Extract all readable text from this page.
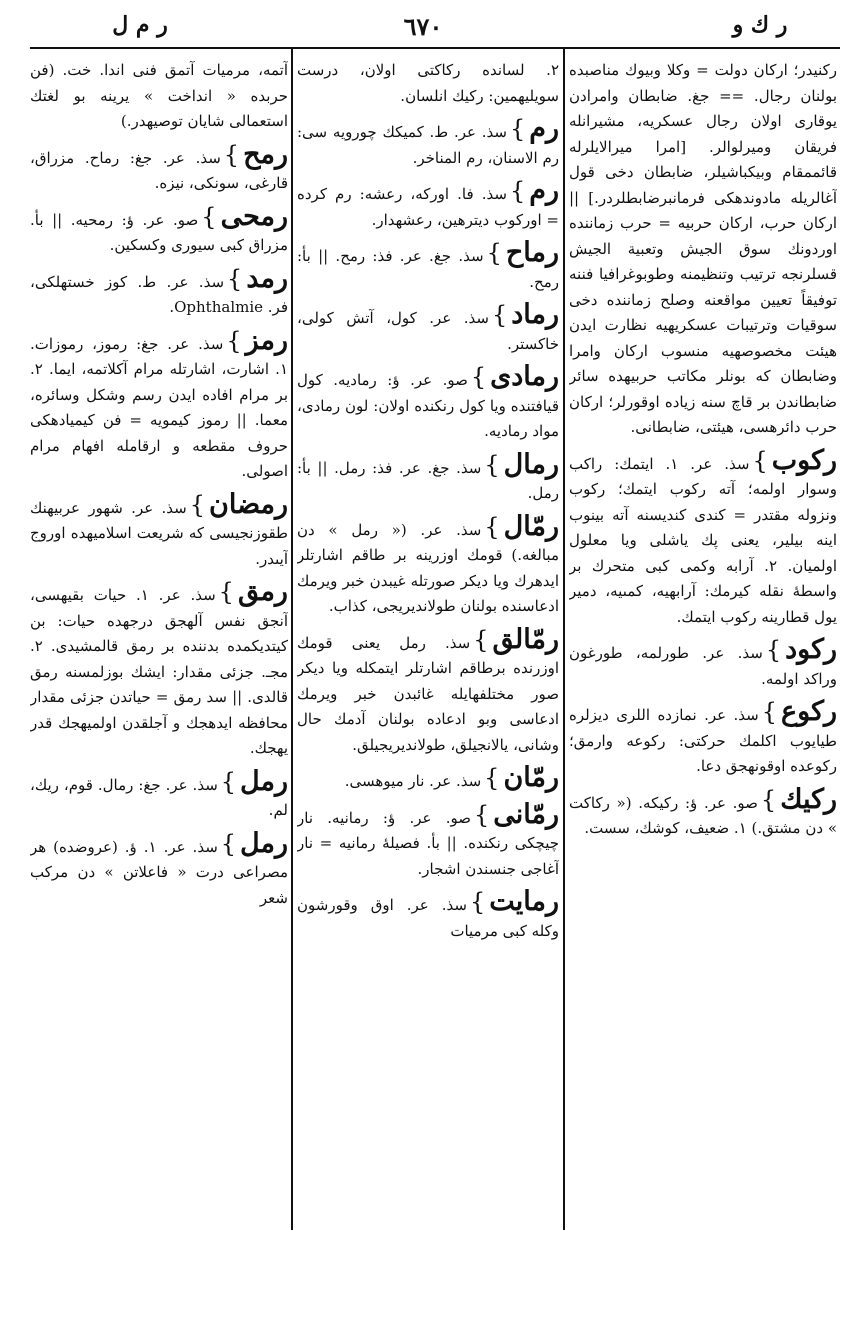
ر ك و
٦٧٠
ر م ل

ركنيدر؛ اركان دولت = وكلا وبيوك مناصبده بولنان رجال. == جغ. ضابطان وامرادن يوقارى اولان رجال عسكريه، مشيرانله فريقان وميرلوالر. [امرا ميرالايلرله قائممقام وبيكباشيلر، ضابطان دخى قول آغالريله مادوندهكى فرمانبرضابطلردر.] || اركان حرب، اركان حربيه = حرب زماننده اوردونك سوق الجيش وتعبية الجيش قسلرنجه ترتيب وتنظيمنه وطوبوغرافيا فننه توفيقاً تعيين مواقعنه وصلح زماننده دخى سوقيات وترتيبات عسكريهيه نظارت ايدن هيئت مخصوصهيه منسوب اركان وامرا وضابطان كه بونلر مكاتب حربيهده سائر ضابطاندن بر قاچ سنه زياده اوقورلر؛ اركان حرب دائرهسى، هيئتى، ضابطانى.

ركوب}سذ. عر. ١. ايتمك: راكب وسوار اولمه؛ آته ركوب ايتمك؛ ركوب ونزوله مقتدر = كندى كنديسنه آته بينوب اينه بيلير، يعنى پك ياشلى ويا معلول اولميان. ٢. آرابه وكمى كبى متحرك بر واسطهٔ نقله كيرمك: آرابهيه، كمىيه، دمير يول قطارينه ركوب ايتمك.

ركود}سذ. عر. طورلمه، طورغون وراكد اولمه.

ركوع}سذ. عر. نمازده اللرى ديزلره طيايوب اكلمك حركتى: ركوعه وارمق؛ ركوعده اوقونهجق دعا.

ركيك}صو. عر. ؤ: ركيكه. (« ركاكت » دن مشتق.) ١. ضعيف، كوشك، سست.

٢. لسانده ركاكتى اولان، درست سويليهمين: ركيك انلسان.

رم}سذ. عر. ط. كميكك چورويه سى: رم الاسنان، رم المناخر.

رم}سذ. فا. اوركه، رعشه: رم كرده = اوركوب ديترهين، رعشهدار.

رماح}سذ. جغ. عر. فذ: رمح. || بأ: رمح.

رماد}سذ. عر. كول، آتش كولى، خاكستر.

رمادى}صو. عر. ؤ: رماديه. كول قيافتنده ويا كول رنكنده اولان: لون رمادى، مواد رماديه.

رمال}سذ. جغ. عر. فذ: رمل. || بأ: رمل.

رمّال}سذ. عر. (« رمل » دن مبالغه.) قومك اوزرينه بر طاقم اشارتلر ايدهرك ويا ديكر صورتله غيبدن خبر ويرمك ادعاسنده بولنان طولانديريجى، كذاب.

رمّالق}سذ. رمل يعنى قومك اوزرنده برطاقم اشارتلر ايتمكله ويا ديكر صور مختلفهايله غائبدن خبر ويرمك ادعاسى وبو ادعاده بولنان آدمك حال وشانى، يالانجيلق، طولانديريجيلق.

رمّان}سذ. عر. نار ميوهسى.

رمّانى}صو. عر. ؤ: رمانيه. نار چيچكى رنكنده. || بأ. فصيلهٔ رمانيه = نار آغاجى جنسندن اشجار.

رمايت}سذ. عر. اوق وقورشون وكله كبى مرميات

آتمه، مرميات آتمق فنى اندا. خت. (فن حربده « انداخت » يرينه بو لغتك استعمالى شايان توصيهدر.)

رمح}سذ. عر. جغ: رماح. مزراق، قارغى، سونكى، نيزه.

رمحى}صو. عر. ؤ: رمحيه. || بأ. مزراق كبى سيورى وكسكين.

رمد}سذ. عر. ط. كوز خستهلكى، فر. Ophthalmie.

رمز}سذ. عر. جغ: رموز، رموزات. ١. اشارت، اشارتله مرام آكلاتمه، ايما. ٢. بر مرام افاده ايدن رسم وشكل وسائره، معما. || رموز كيمويه = فن كيميادهكى حروف مقطعه و ارقامله افهام مرام اصولى.

رمضان}سذ. عر. شهور عربيهنك طقوزنجيسى كه شريعت اسلاميهده اوروج آيىدر.

رمق}سذ. عر. ١. حيات بقيهسى، آنجق نفس آلهجق درجهده حيات: بن كيتديكمده بدننده بر رمق قالمشيدى. ٢. مجـ. جزئى مقدار: ايشك بوزلمسنه رمق قالدى. || سد رمق = حياتدن جزئى مقدار محافظه ايدهجك و آجلقدن اولميهجك قدر يهجك.

رمل}سذ. عر. جغ: رمال. قوم، ريك، لم.

رمل}سذ. عر. ١. ؤ. (عروضده) هر مصراعى درت « فاعلاتن » دن مركب شعر
